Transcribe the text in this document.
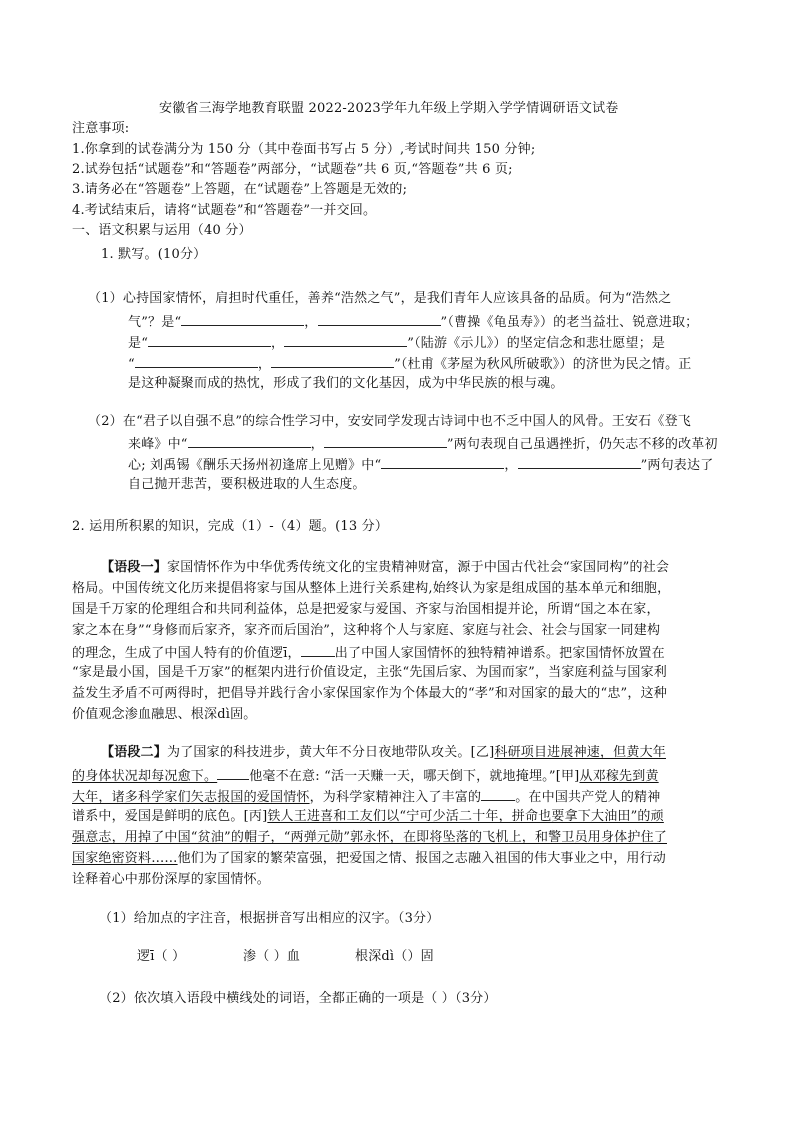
安徽省三海学地教育联盟 2022-2023学年九年级上学期入学学情调研语文试卷
注意事项:
1.你拿到的试卷满分为 150 分（其中卷面书写占 5 分）,考试时间共 150 分钟;
2.试券包括“试题卷”和“答题卷”两部分，“试题卷”共 6 页,“答题卷”共 6 页;
3.请务必在“答题卷”上答题，在“试题卷”上答题是无效的;
4.考试结束后，请将“试题卷”和“答题卷”一并交回。
一、语文积累与运用（40 分）
1. 默写。(10分）
（1）心持国家情怀，肩担时代重任，善养“浩然之气”，是我们青年人应该具备的品质。何为“浩然之
气”？是“	，	”（曹操《龟虽寿》）的老当益壮、锐意进取；
是“	，	”（陆游《示儿》）的坚定信念和悲壮愿望；是
“	，	”（杜甫《茅屋为秋风所破歌》）的济世为民之情。正
是这种凝聚而成的热忱，形成了我们的文化基因，成为中华民族的根与魂。
（2）在“君子以自强不息”的综合性学习中，安安同学发现古诗词中也不乏中国人的风骨。王安石《登飞
来峰》中“	，	”两句表现自己虽遇挫折，仍矢志不移的改革初
心; 刘禹锡《酬乐天扬州初逢席上见赠》中“	，	”两句表达了
自己抛开悲苦，要积极进取的人生态度。
2. 运用所积累的知识，完成（1）-（4）题。(13 分）
【语段一】家国情怀作为中华优秀传统文化的宝贵精神财富，源于中国古代社会“家国同构”的社会
格局。中国传统文化历来提倡将家与国从整体上进行关系建构,始终认为家是组成国的基本单元和细胞，
国是千万家的伦理组合和共同利益体，总是把爱家与爱国、齐家与治国相提并论，所谓“国之本在家，
家之本在身”“身修而后家齐，家齐而后国治”，这种将个人与家庭、家庭与社会、社会与国家一同建构
的理念，生成了中国人特有的价值逻ī，	出了中国人家国情怀的独特精神谱系。把家国情怀放置在
“家是最小国，国是千万家”的框架内进行价值设定，主张“先国后家、为国而家”，当家庭利益与国家利
益发生矛盾不可两得时，把倡导并践行舍小家保国家作为个体最大的“孝”和对国家的最大的“忠”，这种
价值观念渗血融思、根深dì固。
【语段二】为了国家的科技进步，黄大年不分日夜地带队攻关。[乙]科研项目进展神速，但黄大年
的身体状况却每况愈下。 他毫不在意: “活一天赚一天，哪天倒下，就地掩埋。”[甲]从邓稼先到黄
大年，诸多科学家们矢志报国的爱国情怀，为科学家精神注入了丰富的	。在中国共产党人的精神
谱系中，爱国是鲜明的底色。[丙]铁人王进喜和工友们以“宁可少活二十年，拼命也要拿下大油田”的顽
强意志，用掉了中国“贫油”的帽子，“两弹元勋”郭永怀，在即将坠落的飞机上，和警卫员用身体护住了
国家绝密资料……他们为了国家的繁荣富强，把爱国之情、报国之志融入祖国的伟大事业之中，用行动
诠释着心中那份深厚的家国情怀。
（1）给加点的字注音，根据拼音写出相应的汉字。（3分）
逻ī（ ）	渗（ ）血	根深dì（）固
（2）依次填入语段中横线处的词语，全都正确的一项是（ ）（3分）
